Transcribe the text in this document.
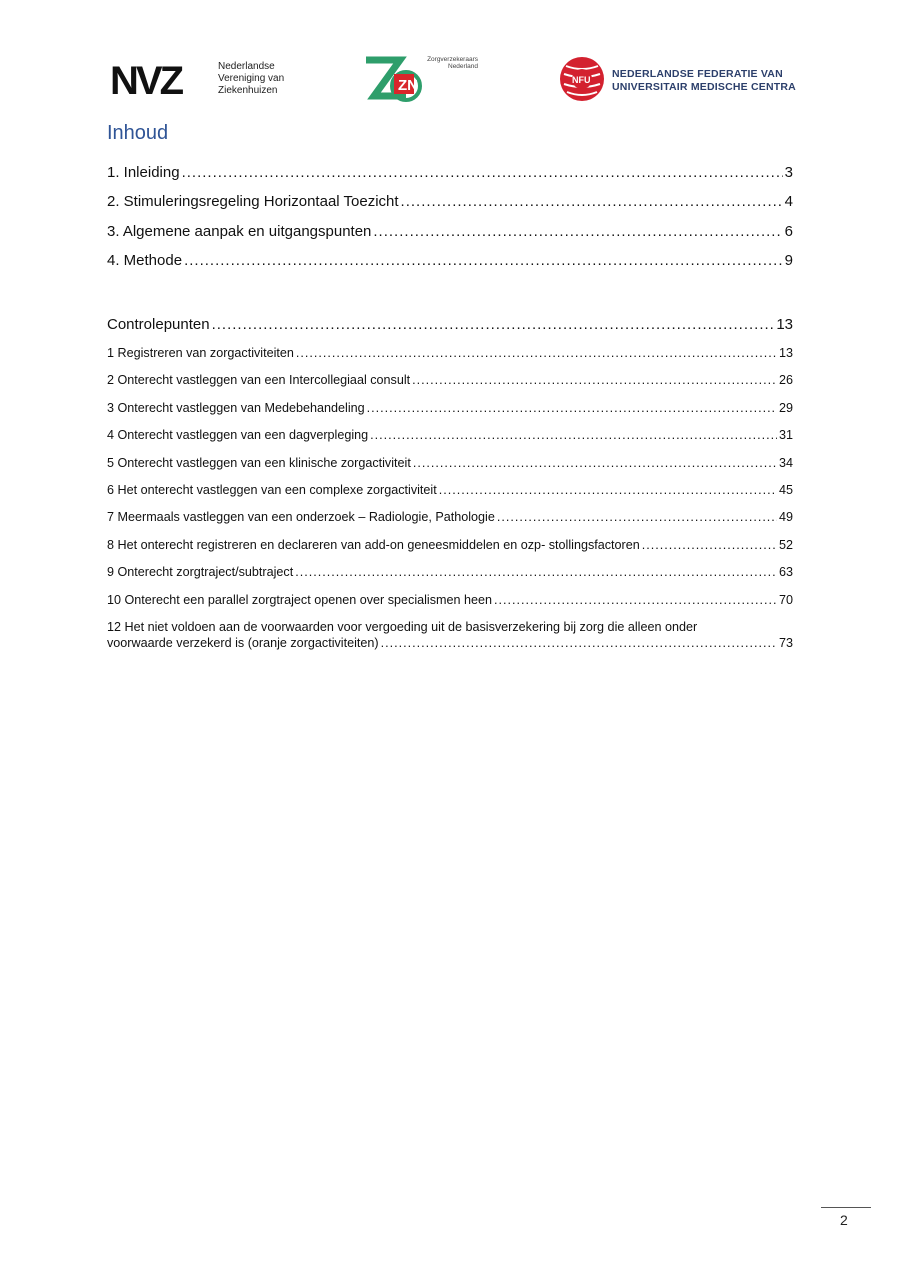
NVZ	Nederlandse
Vereniging van
Ziekenhuizen	ZN
Zorgverzekeraars
Nederland
NFU NEDERLANDSE FEDERATIE VAN
UNIVERSITAIR MEDISCHE CENTRA
Inhoud
1. Inleiding .....	3
2. Stimuleringsregeling Horizontaal Toezicht .....	4
3. Algemene aanpak en uitgangspunten .....	6
4. Methode .....	9
Controlepunten .....	13
1 Registreren van zorgactiviteiten .....	13
2 Onterecht vastleggen van een Intercollegiaal consult .....	26
3 Onterecht vastleggen van Medebehandeling .....	29
4 Onterecht vastleggen van een dagverpleging .....	31
5 Onterecht vastleggen van een klinische zorgactiviteit .....	34
6 Het onterecht vastleggen van een complexe zorgactiviteit .....	45
7 Meermaals vastleggen van een onderzoek – Radiologie, Pathologie .....	49
8 Het onterecht registreren en declareren van add-on geneesmiddelen en ozp- stollingsfactoren .....	52
9 Onterecht zorgtraject/subtraject .....	63
10 Onterecht een parallel zorgtraject openen over specialismen heen .....	70
12 Het niet voldoen aan de voorwaarden voor vergoeding uit de basisverzekering bij zorg die alleen onder
voorwaarde verzekerd is (oranje zorgactiviteiten) .....	73
2
